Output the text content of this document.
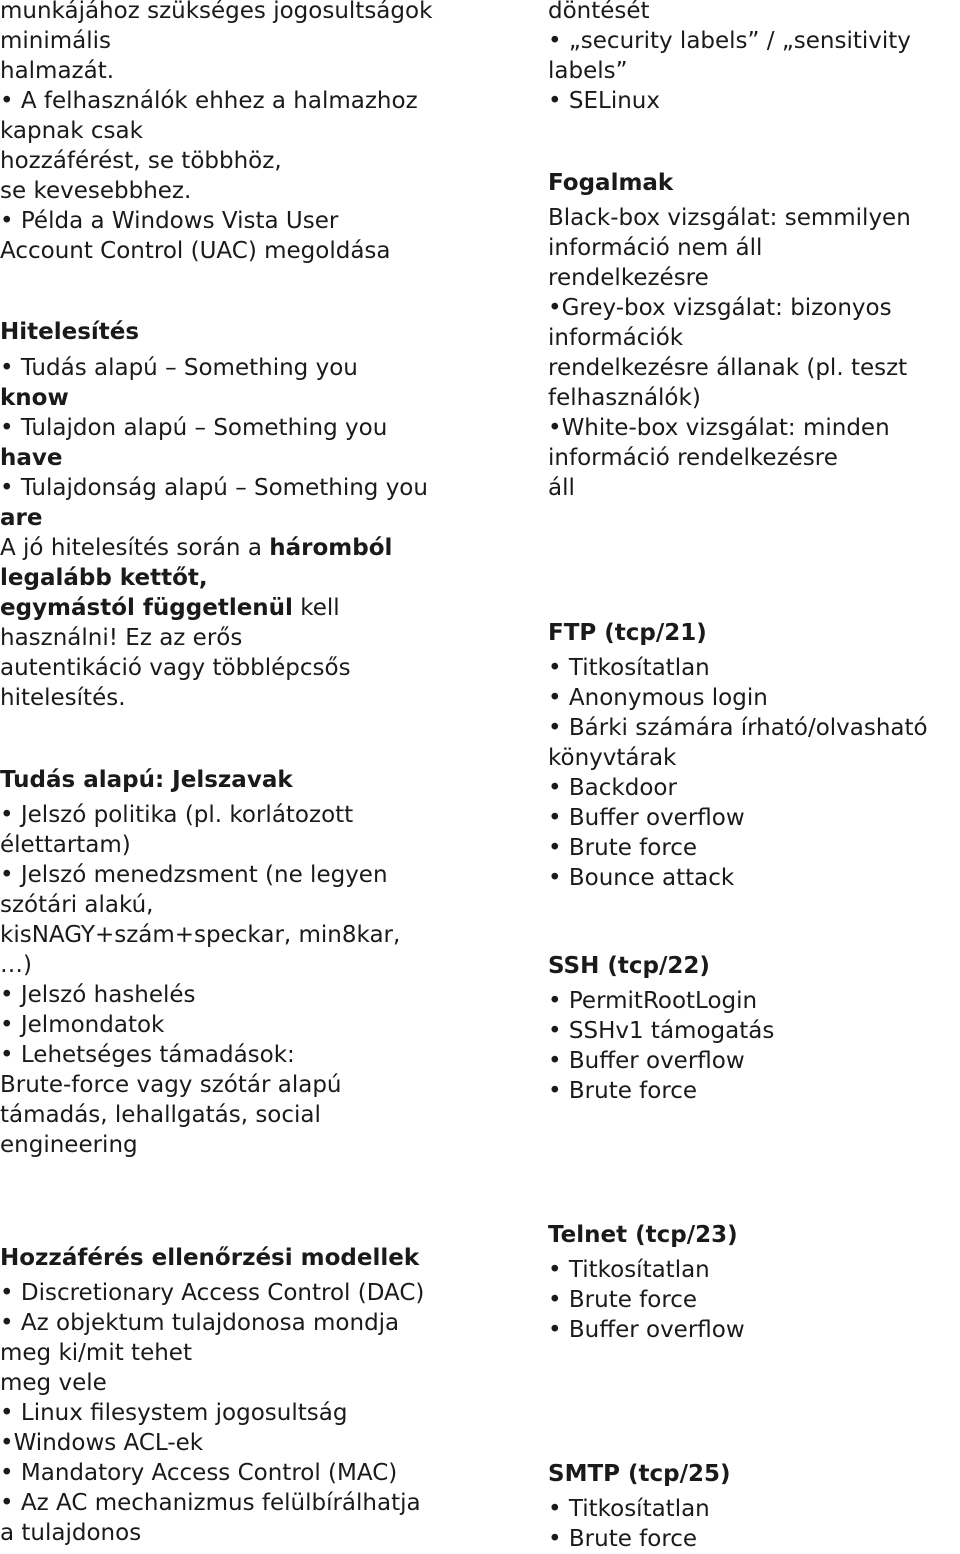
munkájához szükséges jogosultságok
minimális
halmazát.
• A felhasználók ehhez a halmazhoz
kapnak csak
hozzáférést, se többhöz,
se kevesebbhez.
• Példa a Windows Vista User
Account Control (UAC) megoldása
Hitelesítés
• Tudás alapú – Something you
know
• Tulajdon alapú – Something you
have
• Tulajdonság alapú – Something you
are
A jó hitelesítés során a háromból
legalább kettőt,
egymástól függetlenül kell
használni! Ez az erős
autentikáció vagy többlépcsős
hitelesítés.
Tudás alapú: Jelszavak
• Jelszó politika (pl. korlátozott
élettartam)
• Jelszó menedzsment (ne legyen
szótári alakú,
kisNAGY+szám+speckar, min8kar,
…)
• Jelszó hashelés
• Jelmondatok
• Lehetséges támadások:
Brute-force vagy szótár alapú
támadás, lehallgatás, social
engineering
Hozzáférés ellenőrzési modellek
• Discretionary Access Control (DAC)
• Az objektum tulajdonosa mondja
meg ki/mit tehet
meg vele
• Linux filesystem jogosultság
•Windows ACL-ek
• Mandatory Access Control (MAC)
• Az AC mechanizmus felülbírálhatja
a tulajdonos
döntését
• „security labels” / „sensitivity
labels”
• SELinux
Fogalmak
Black-box vizsgálat: semmilyen
információ nem áll
rendelkezésre
•Grey-box vizsgálat: bizonyos
információk
rendelkezésre állanak (pl. teszt
felhasználók)
•White-box vizsgálat: minden
információ rendelkezésre
áll
FTP (tcp/21)
• Titkosítatlan
• Anonymous login
• Bárki számára írható/olvasható
könyvtárak
• Backdoor
• Buffer overflow
• Brute force
• Bounce attack
SSH (tcp/22)
• PermitRootLogin
• SSHv1 támogatás
• Buffer overflow
• Brute force
Telnet (tcp/23)
• Titkosítatlan
• Brute force
• Buffer overflow
SMTP (tcp/25)
• Titkosítatlan
• Brute force
